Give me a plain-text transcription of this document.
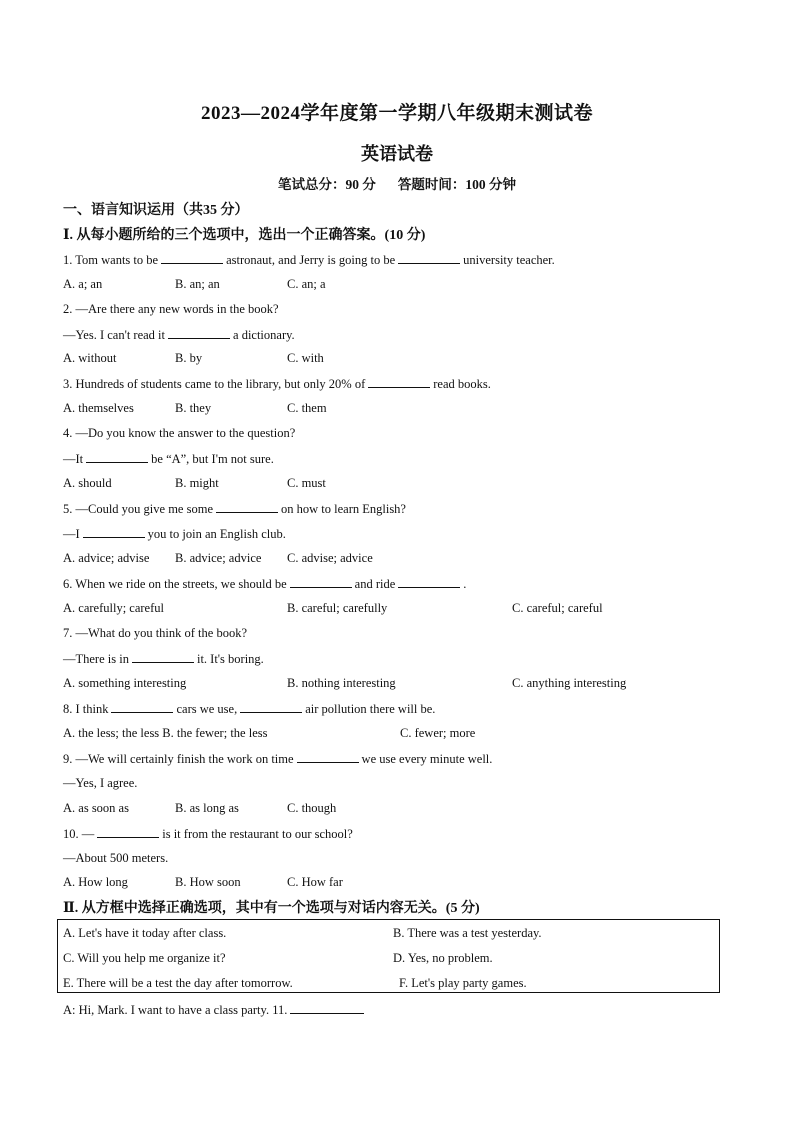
2023—2024学年度第一学期八年级期末测试卷
英语试卷
笔试总分：90 分 答题时间：100 分钟
一、语言知识运用（共35 分）
Ⅰ. 从每小题所给的三个选项中，选出一个正确答案。(10 分)
1. Tom wants to be	astronaut, and Jerry is going to be	university teacher.
A. a; an	B. an; an	C. an; a
2. —Are there any new words in the book?
—Yes. I can't read it	a dictionary.
A. without	B. by	C. with
3. Hundreds of students came to the library, but only 20% of	read books.
A. themselves	B. they	C. them
4. —Do you know the answer to the question?
—It	be “A”, but I'm not sure.
A. should	B. might	C. must
5. —Could you give me some	on how to learn English?
—I	you to join an English club.
A. advice; advise B. advice; advice C. advise; advice
6. When we ride on the streets, we should be	and ride	.
A. carefully; careful	B. careful; carefully	C. careful; careful
7. —What do you think of the book?
—There is in	it. It's boring.
A. something interesting	B. nothing interesting	C. anything interesting
8. I think	cars we use,	air pollution there will be.
A. the less; the less B. the fewer; the less	C. fewer; more
9. —We will certainly finish the work on time	we use every minute well.
—Yes, I agree.
A. as soon as	B. as long as	C. though
10. —	is it from the restaurant to our school?
—About 500 meters.
A. How long	B. How soon	C. How far
Ⅱ. 从方框中选择正确选项，其中有一个选项与对话内容无关。(5 分)
A. Let's have it today after class.	B. There was a test yesterday.
C. Will you help me organize it?	D. Yes, no problem.
E. There will be a test the day after tomorrow.	F. Let's play party games.
A: Hi, Mark. I want to have a class party. 11.
